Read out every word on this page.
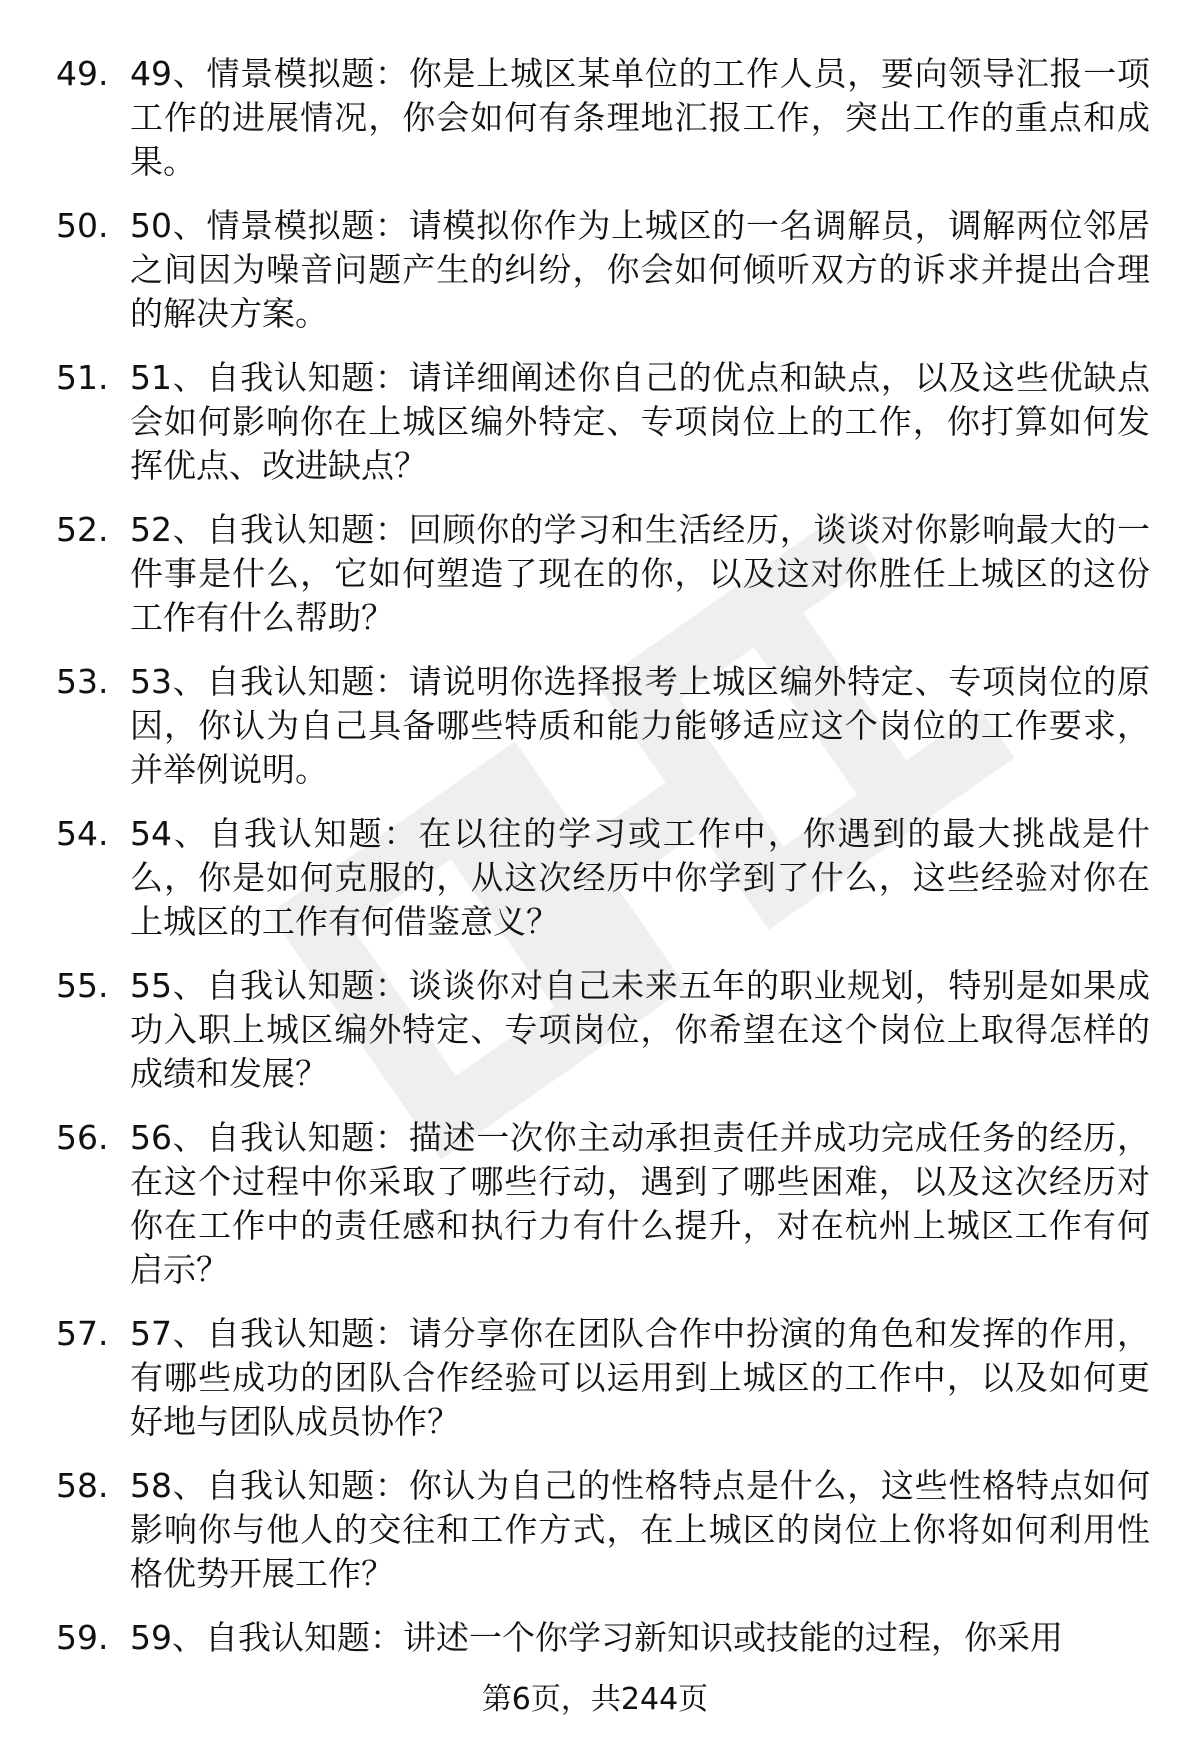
49. 49、情景模拟题：你是上城区某单位的工作人员，要向领导汇报一项工作的进展情况，你会如何有条理地汇报工作，突出工作的重点和成果。
50. 50、情景模拟题：请模拟你作为上城区的一名调解员，调解两位邻居之间因为噪音问题产生的纠纷，你会如何倾听双方的诉求并提出合理的解决方案。
51. 51、自我认知题：请详细阐述你自己的优点和缺点，以及这些优缺点会如何影响你在上城区编外特定、专项岗位上的工作，你打算如何发挥优点、改进缺点？
52. 52、自我认知题：回顾你的学习和生活经历，谈谈对你影响最大的一件事是什么，它如何塑造了现在的你，以及这对你胜任上城区的这份工作有什么帮助？
53. 53、自我认知题：请说明你选择报考上城区编外特定、专项岗位的原因，你认为自己具备哪些特质和能力能够适应这个岗位的工作要求，并举例说明。
54. 54、自我认知题：在以往的学习或工作中，你遇到的最大挑战是什么，你是如何克服的，从这次经历中你学到了什么，这些经验对你在上城区的工作有何借鉴意义？
55. 55、自我认知题：谈谈你对自己未来五年的职业规划，特别是如果成功入职上城区编外特定、专项岗位，你希望在这个岗位上取得怎样的成绩和发展？
56. 56、自我认知题：描述一次你主动承担责任并成功完成任务的经历，在这个过程中你采取了哪些行动，遇到了哪些困难，以及这次经历对你在工作中的责任感和执行力有什么提升，对在杭州上城区工作有何启示？
57. 57、自我认知题：请分享你在团队合作中扮演的角色和发挥的作用，有哪些成功的团队合作经验可以运用到上城区的工作中，以及如何更好地与团队成员协作？
58. 58、自我认知题：你认为自己的性格特点是什么，这些性格特点如何影响你与他人的交往和工作方式，在上城区的岗位上你将如何利用性格优势开展工作？
59. 59、自我认知题：讲述一个你学习新知识或技能的过程，你采用
第6页，共244页
